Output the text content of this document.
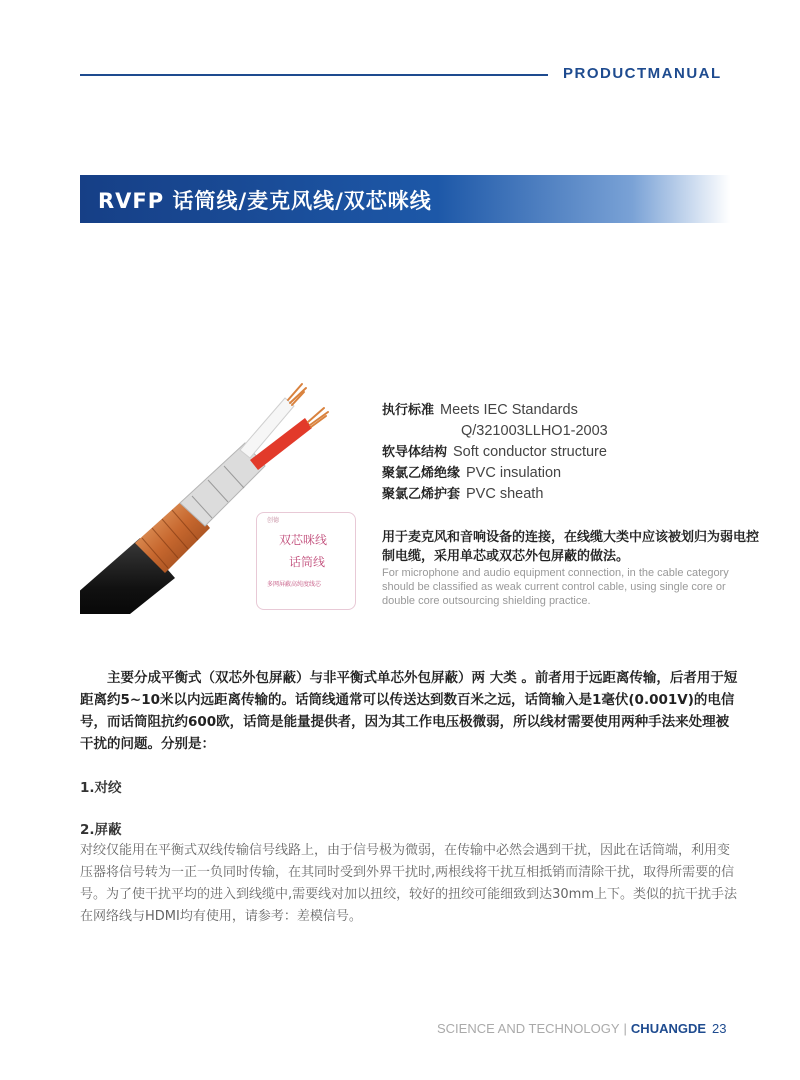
PRODUCTMANUAL
RVFP 话筒线/麦克风线/双芯咪线
创德
双芯咪线
话筒线
多网屏蔽高纯度线芯
执行标准 Meets IEC Standards
Q/321003LLHO1-2003
软导体结构 Soft conductor structure
聚氯乙烯绝缘 PVC insulation
聚氯乙烯护套 PVC sheath
用于麦克风和音响设备的连接，在线缆大类中应该被划归为弱电控制电缆，采用单芯或双芯外包屏蔽的做法。
For microphone and audio equipment connection, in the cable category should be classified as weak current control cable, using single core or double core outsourcing shielding practice.
主要分成平衡式（双芯外包屏蔽）与非平衡式单芯外包屏蔽）两 大类 。前者用于远距离传输，后者用于短距离约5~10米以内远距离传输的。话筒线通常可以传送达到数百米之远，话筒输入是1毫伏(0.001V)的电信号，而话筒阻抗约600欧，话筒是能量提供者，因为其工作电压极微弱，所以线材需要使用两种手法来处理被干扰的问题。分别是：
1.对绞
2.屏蔽
对绞仅能用在平衡式双线传输信号线路上，由于信号极为微弱，在传输中必然会遇到干扰，因此在话筒端，利用变压器将信号转为一正一负同时传输，在其同时受到外界干扰时,两根线将干扰互相抵销而清除干扰，取得所需要的信号。为了使干扰平均的进入到线缆中,需要线对加以扭绞，较好的扭绞可能细致到达30mm上下。类似的抗干扰手法在网络线与HDMI均有使用，请参考：差模信号。
SCIENCE AND TECHNOLOGY | CHUANGDE 23
